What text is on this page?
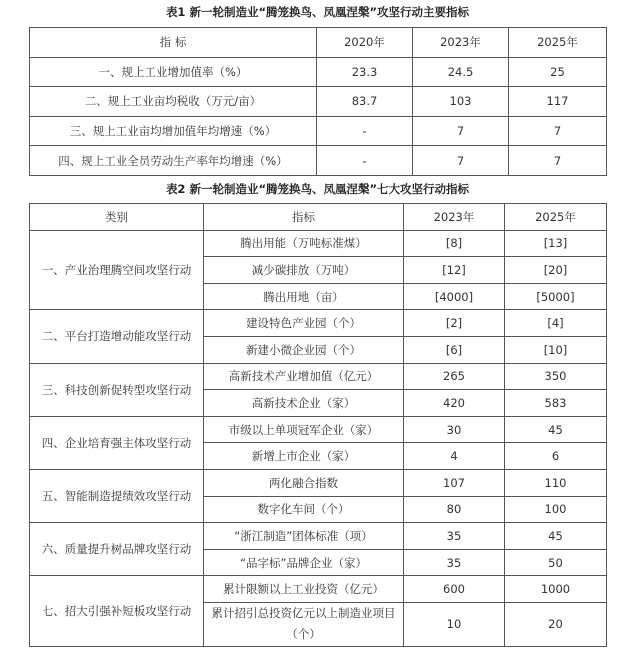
表1 新一轮制造业“腾笼换鸟、凤凰涅槃”攻坚行动主要指标
指 标	2020年	2023年	2025年
一、规上工业增加值率（%）	23.3	24.5	25
二、规上工业亩均税收（万元/亩）	83.7	103	117
三、规上工业亩均增加值年均增速（%）	-	7	7
四、规上工业全员劳动生产率年均增速（%）	-	7	7
表2 新一轮制造业“腾笼换鸟、凤凰涅槃”七大攻坚行动指标
类别	指标	2023年	2025年
一、产业治理腾空间攻坚行动	腾出用能（万吨标准煤）	[8]	[13]
	减少碳排放（万吨）	[12]	[20]
	腾出用地（亩）	[4000]	[5000]
二、平台打造增动能攻坚行动	建设特色产业园（个）	[2]	[4]
	新建小微企业园（个）	[6]	[10]
三、科技创新促转型攻坚行动	高新技术产业增加值（亿元）	265	350
	高新技术企业（家）	420	583
四、企业培育强主体攻坚行动	市级以上单项冠军企业（家）	30	45
	新增上市企业（家）	4	6
五、智能制造提绩效攻坚行动	两化融合指数	107	110
	数字化车间（个）	80	100
六、质量提升树品牌攻坚行动	“浙江制造”团体标准（项）	35	45
	“品字标”品牌企业（家）	35	50
七、招大引强补短板攻坚行动	累计限额以上工业投资（亿元）	600	1000
	累计招引总投资亿元以上制造业项目（个）	10	20
